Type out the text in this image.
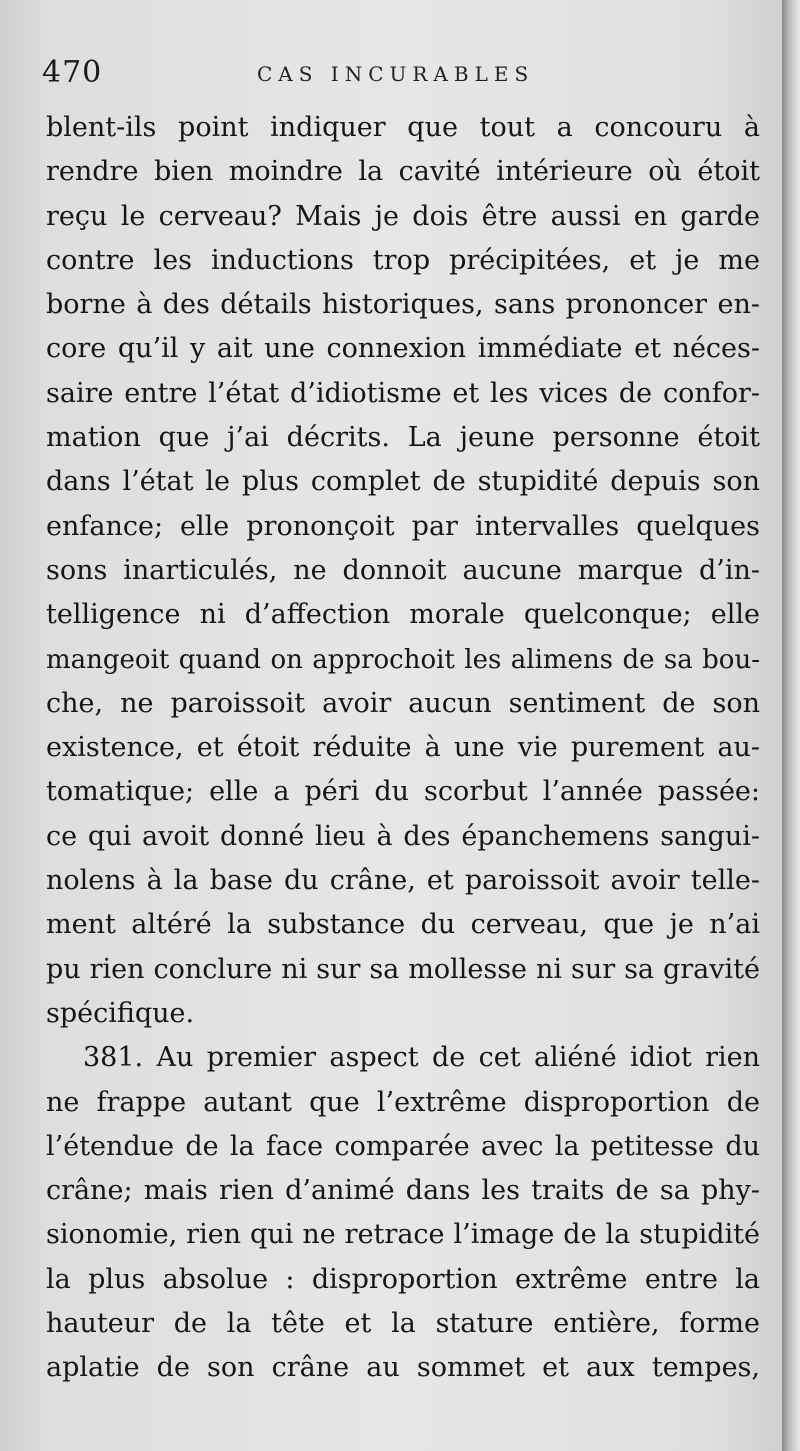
470	CAS INCURABLES
blent-ils point indiquer que tout a concouru à
rendre bien moindre la cavité intérieure où étoit
reçu le cerveau? Mais je dois être aussi en garde
contre les inductions trop précipitées, et je me
borne à des détails historiques, sans prononcer en-
core qu’il y ait une connexion immédiate et néces-
saire entre l’état d’idiotisme et les vices de confor-
mation que j’ai décrits. La jeune personne étoit
dans l’état le plus complet de stupidité depuis son
enfance; elle prononçoit par intervalles quelques
sons inarticulés, ne donnoit aucune marque d’in-
telligence ni d’affection morale quelconque; elle
mangeoit quand on approchoit les alimens de sa bou-
che, ne paroissoit avoir aucun sentiment de son
existence, et étoit réduite à une vie purement au-
tomatique; elle a péri du scorbut l’année passée:
ce qui avoit donné lieu à des épanchemens sangui-
nolens à la base du crâne, et paroissoit avoir telle-
ment altéré la substance du cerveau, que je n’ai
pu rien conclure ni sur sa mollesse ni sur sa gravité
spécifique.
381. Au premier aspect de cet aliéné idiot rien
ne frappe autant que l’extrême disproportion de
l’étendue de la face comparée avec la petitesse du
crâne; mais rien d’animé dans les traits de sa phy-
sionomie, rien qui ne retrace l’image de la stupidité
la plus absolue : disproportion extrême entre la
hauteur de la tête et la stature entière, forme
aplatie de son crâne au sommet et aux tempes,
